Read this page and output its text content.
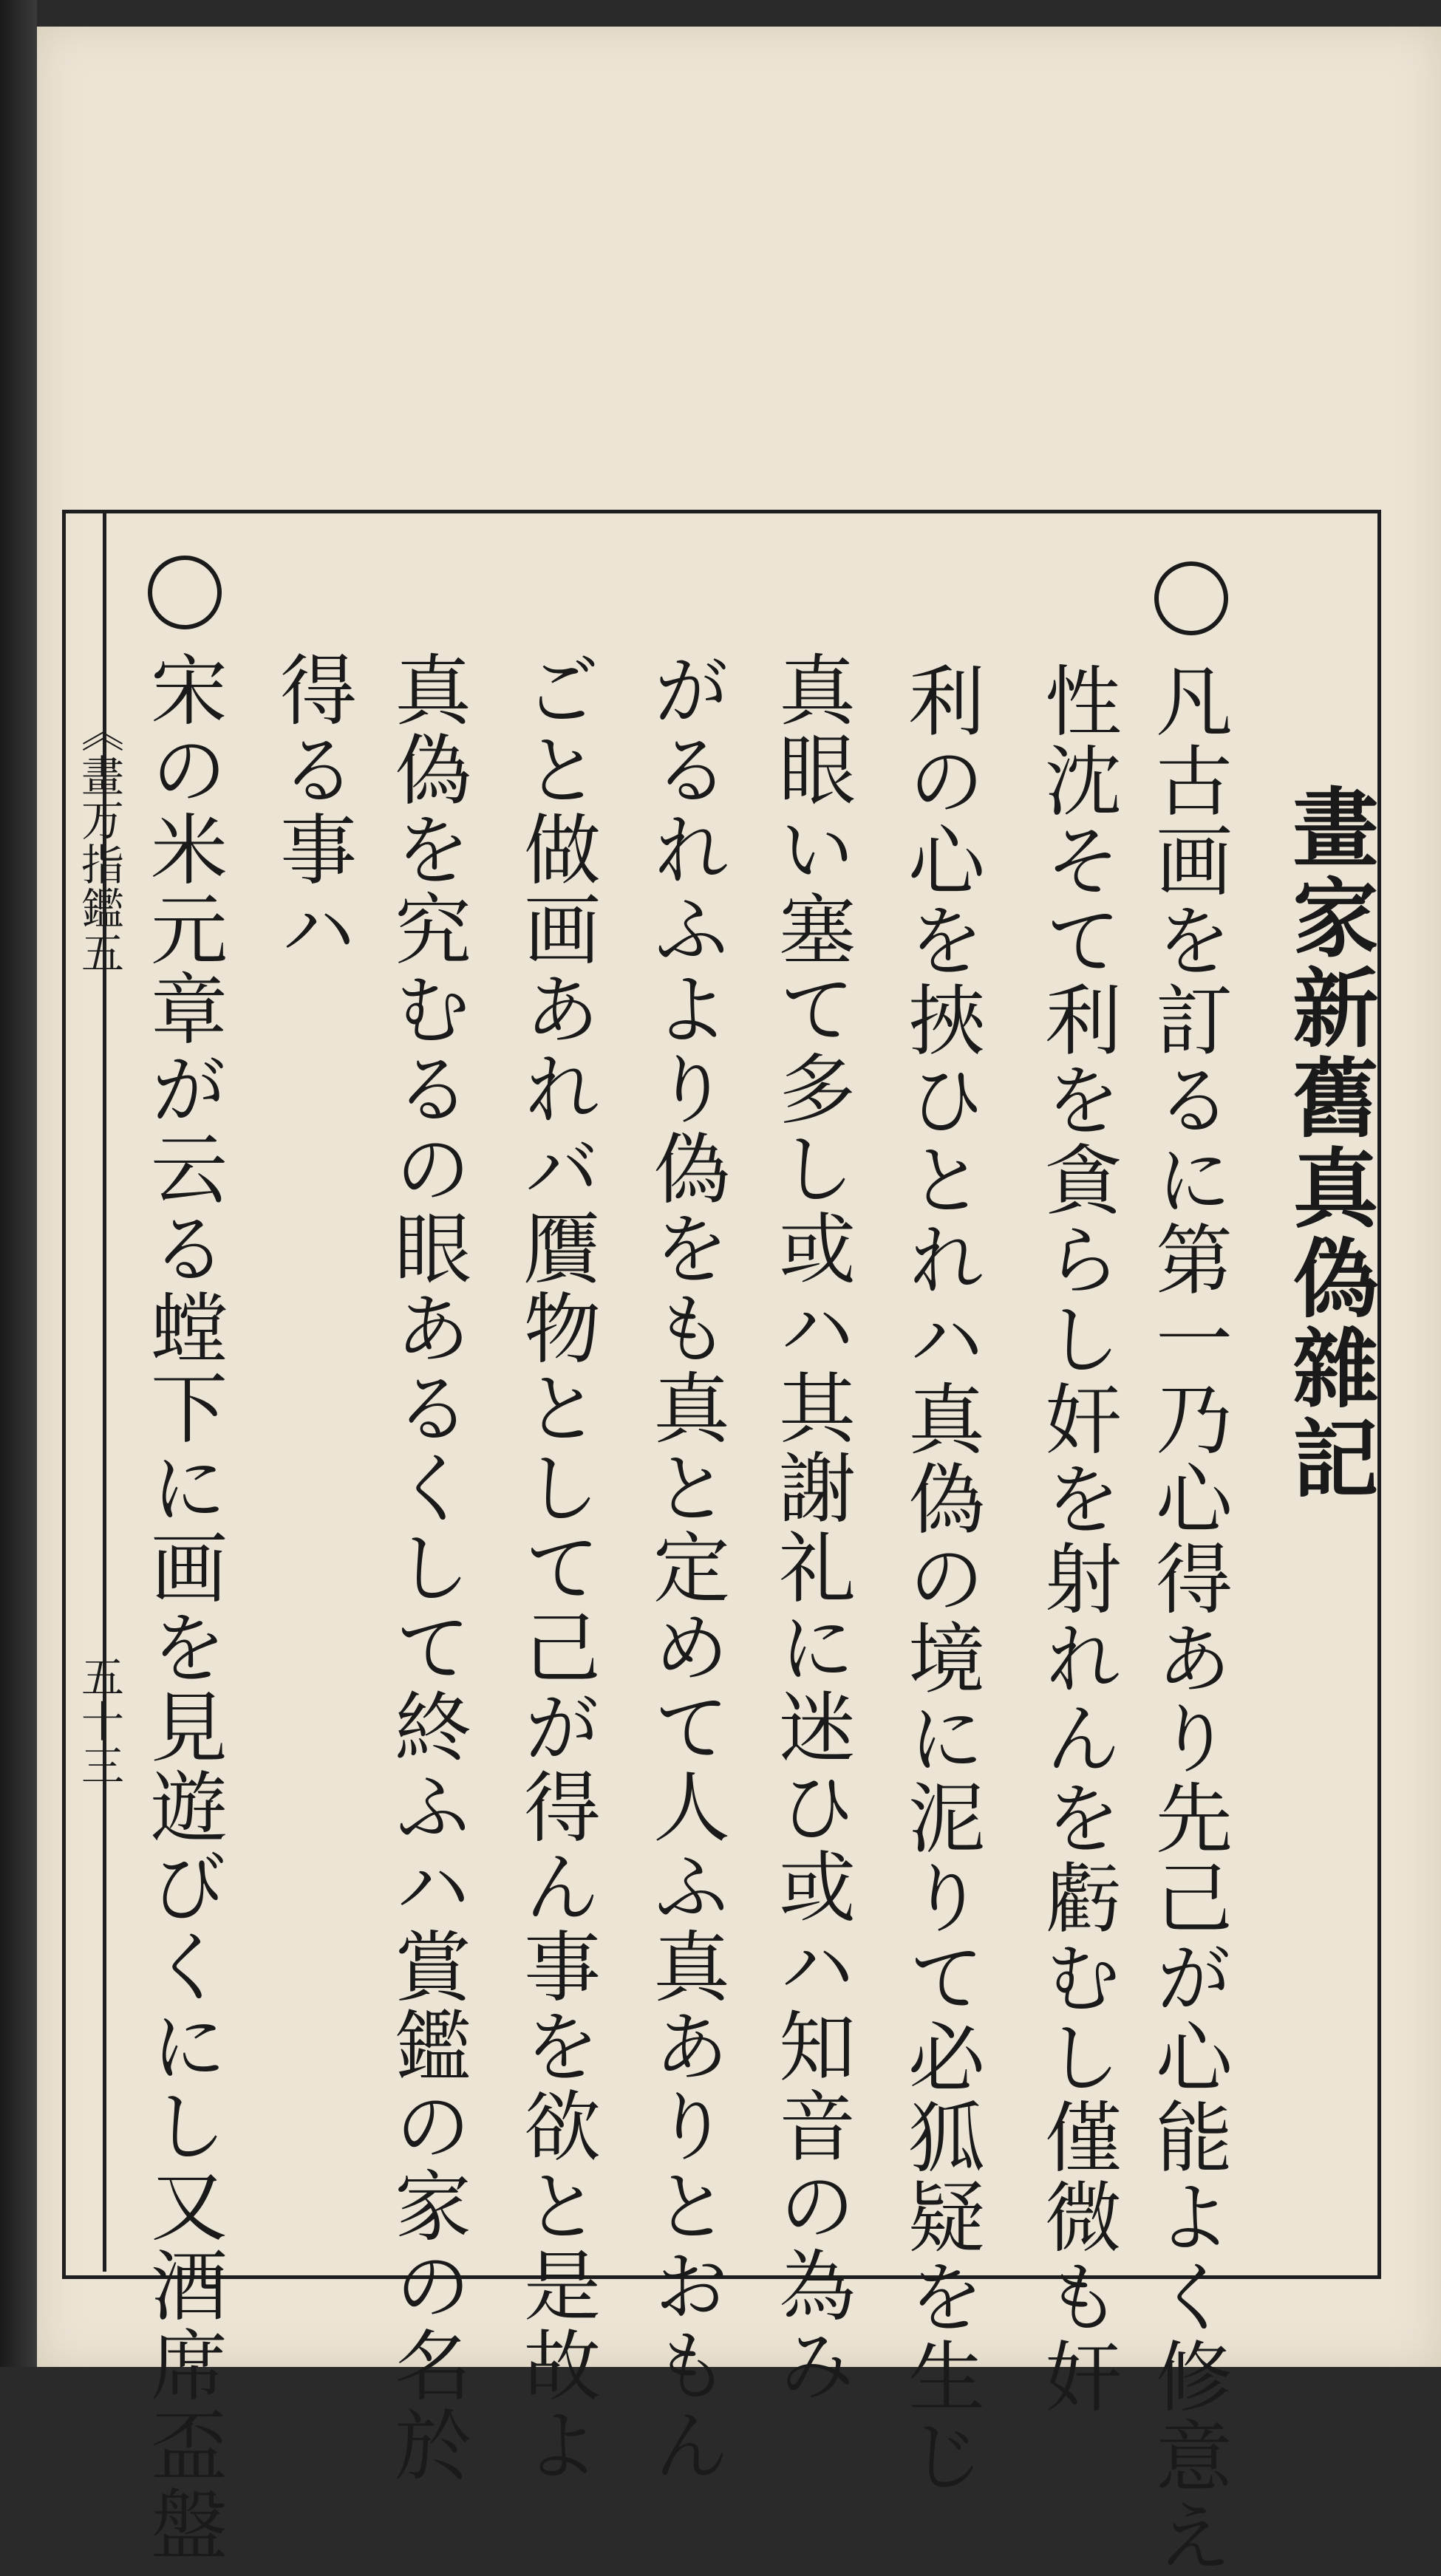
《畫万指鑑五
五十三
畫家新舊真偽雜記
凡古画を訂るに第一乃心得あり先己が心能よく修意え
性沈そて利を貪らし奸を射れんを虧むし僅微も奸
利の心を挾ひとれハ真偽の境に泥りて必狐疑を生じ
真眼い塞て多し或ハ其謝礼に迷ひ或ハ知音の為み
がるれふより偽をも真と定めて人ふ真ありとおもん
ごと做画あれバ贋物として己が得ん事を欲と是故よ
真偽を究むるの眼あるくして終ふハ賞鑑の家の名於
得る事ハ
宋の米元章が云る螳下に画を見遊びくにし又酒席盃盤
